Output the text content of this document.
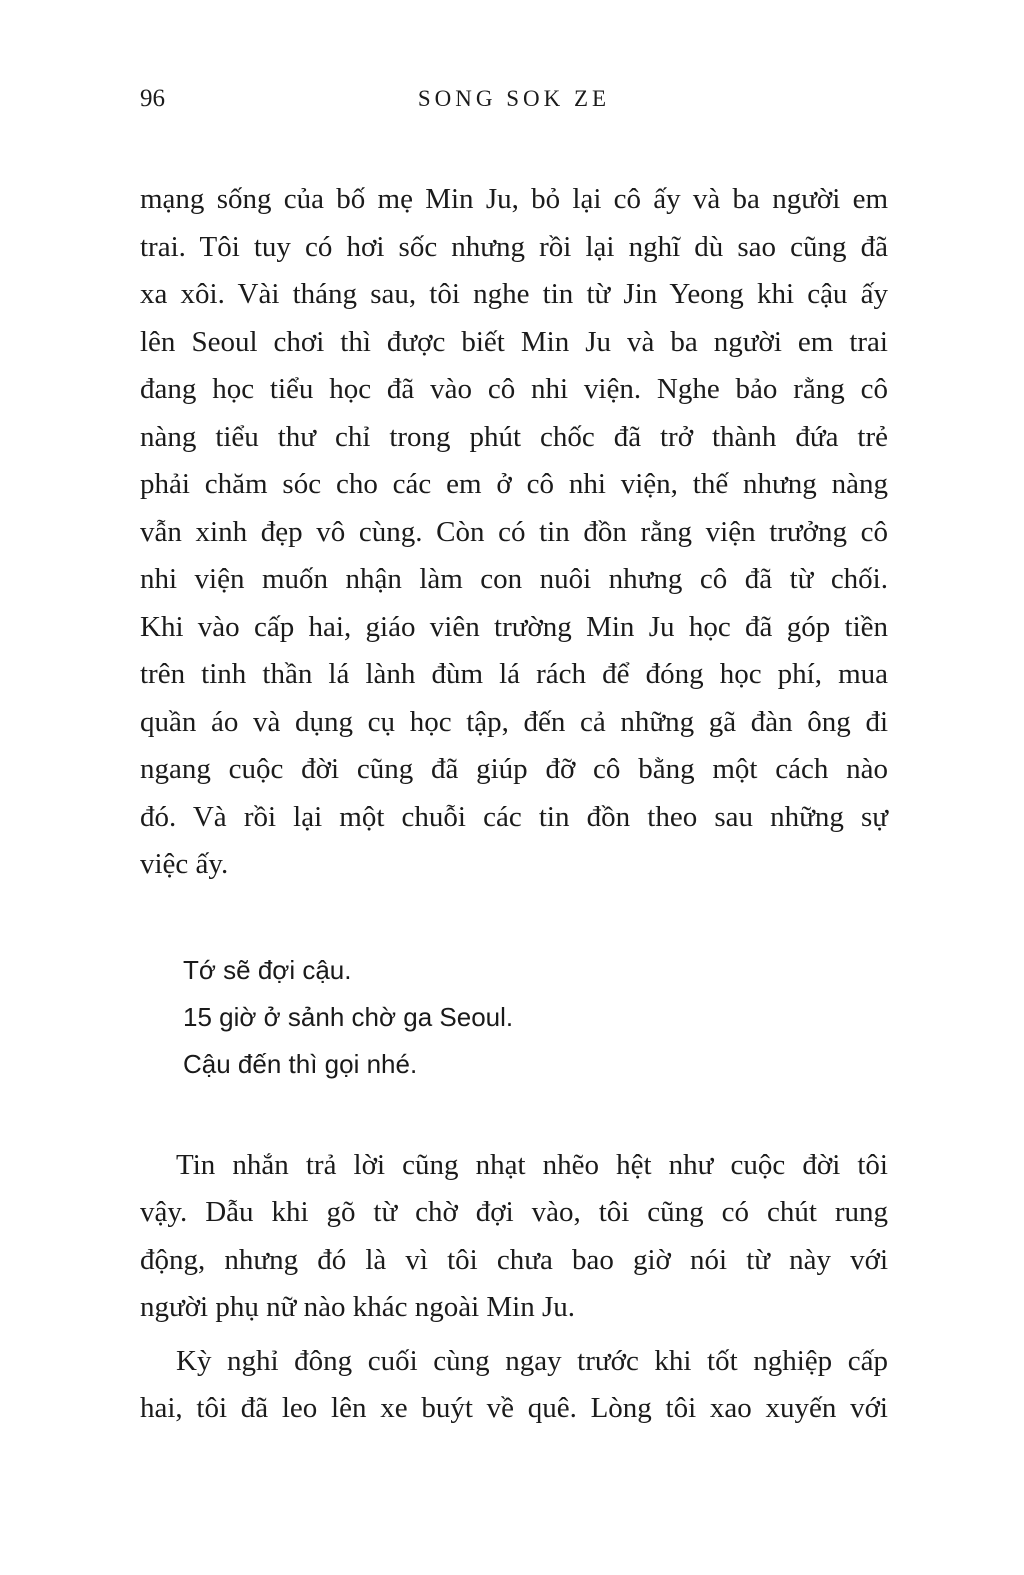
96	SONG SOK ZE
mạng sống của bố mẹ Min Ju, bỏ lại cô ấy và ba người em
trai. Tôi tuy có hơi sốc nhưng rồi lại nghĩ dù sao cũng đã
xa xôi. Vài tháng sau, tôi nghe tin từ Jin Yeong khi cậu ấy
lên Seoul chơi thì được biết Min Ju và ba người em trai
đang học tiểu học đã vào cô nhi viện. Nghe bảo rằng cô
nàng tiểu thư chỉ trong phút chốc đã trở thành đứa trẻ
phải chăm sóc cho các em ở cô nhi viện, thế nhưng nàng
vẫn xinh đẹp vô cùng. Còn có tin đồn rằng viện trưởng cô
nhi viện muốn nhận làm con nuôi nhưng cô đã từ chối.
Khi vào cấp hai, giáo viên trường Min Ju học đã góp tiền
trên tinh thần lá lành đùm lá rách để đóng học phí, mua
quần áo và dụng cụ học tập, đến cả những gã đàn ông đi
ngang cuộc đời cũng đã giúp đỡ cô bằng một cách nào
đó. Và rồi lại một chuỗi các tin đồn theo sau những sự
việc ấy.
Tớ sẽ đợi cậu.
15 giờ ở sảnh chờ ga Seoul.
Cậu đến thì gọi nhé.
Tin nhắn trả lời cũng nhạt nhẽo hệt như cuộc đời tôi
vậy. Dẫu khi gõ từ chờ đợi vào, tôi cũng có chút rung
động, nhưng đó là vì tôi chưa bao giờ nói từ này với
người phụ nữ nào khác ngoài Min Ju.
Kỳ nghỉ đông cuối cùng ngay trước khi tốt nghiệp cấp
hai, tôi đã leo lên xe buýt về quê. Lòng tôi xao xuyến với
